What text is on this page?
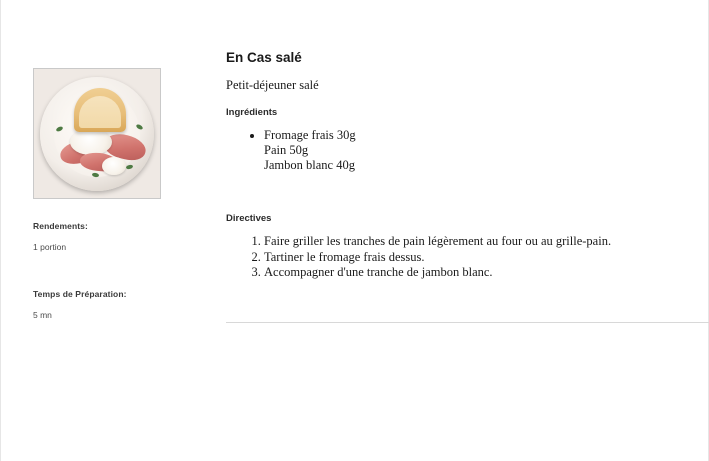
Rendements:
1 portion
Temps de Préparation:
5 mn
En Cas salé

Petit-déjeuner salé

Ingrédients
• Fromage frais 30g
Pain 50g
Jambon blanc 40g
Directives
1. Faire griller les tranches de pain légèrement au four ou au grille-pain.
2. Tartiner le fromage frais dessus.
3. Accompagner d'une tranche de jambon blanc.
